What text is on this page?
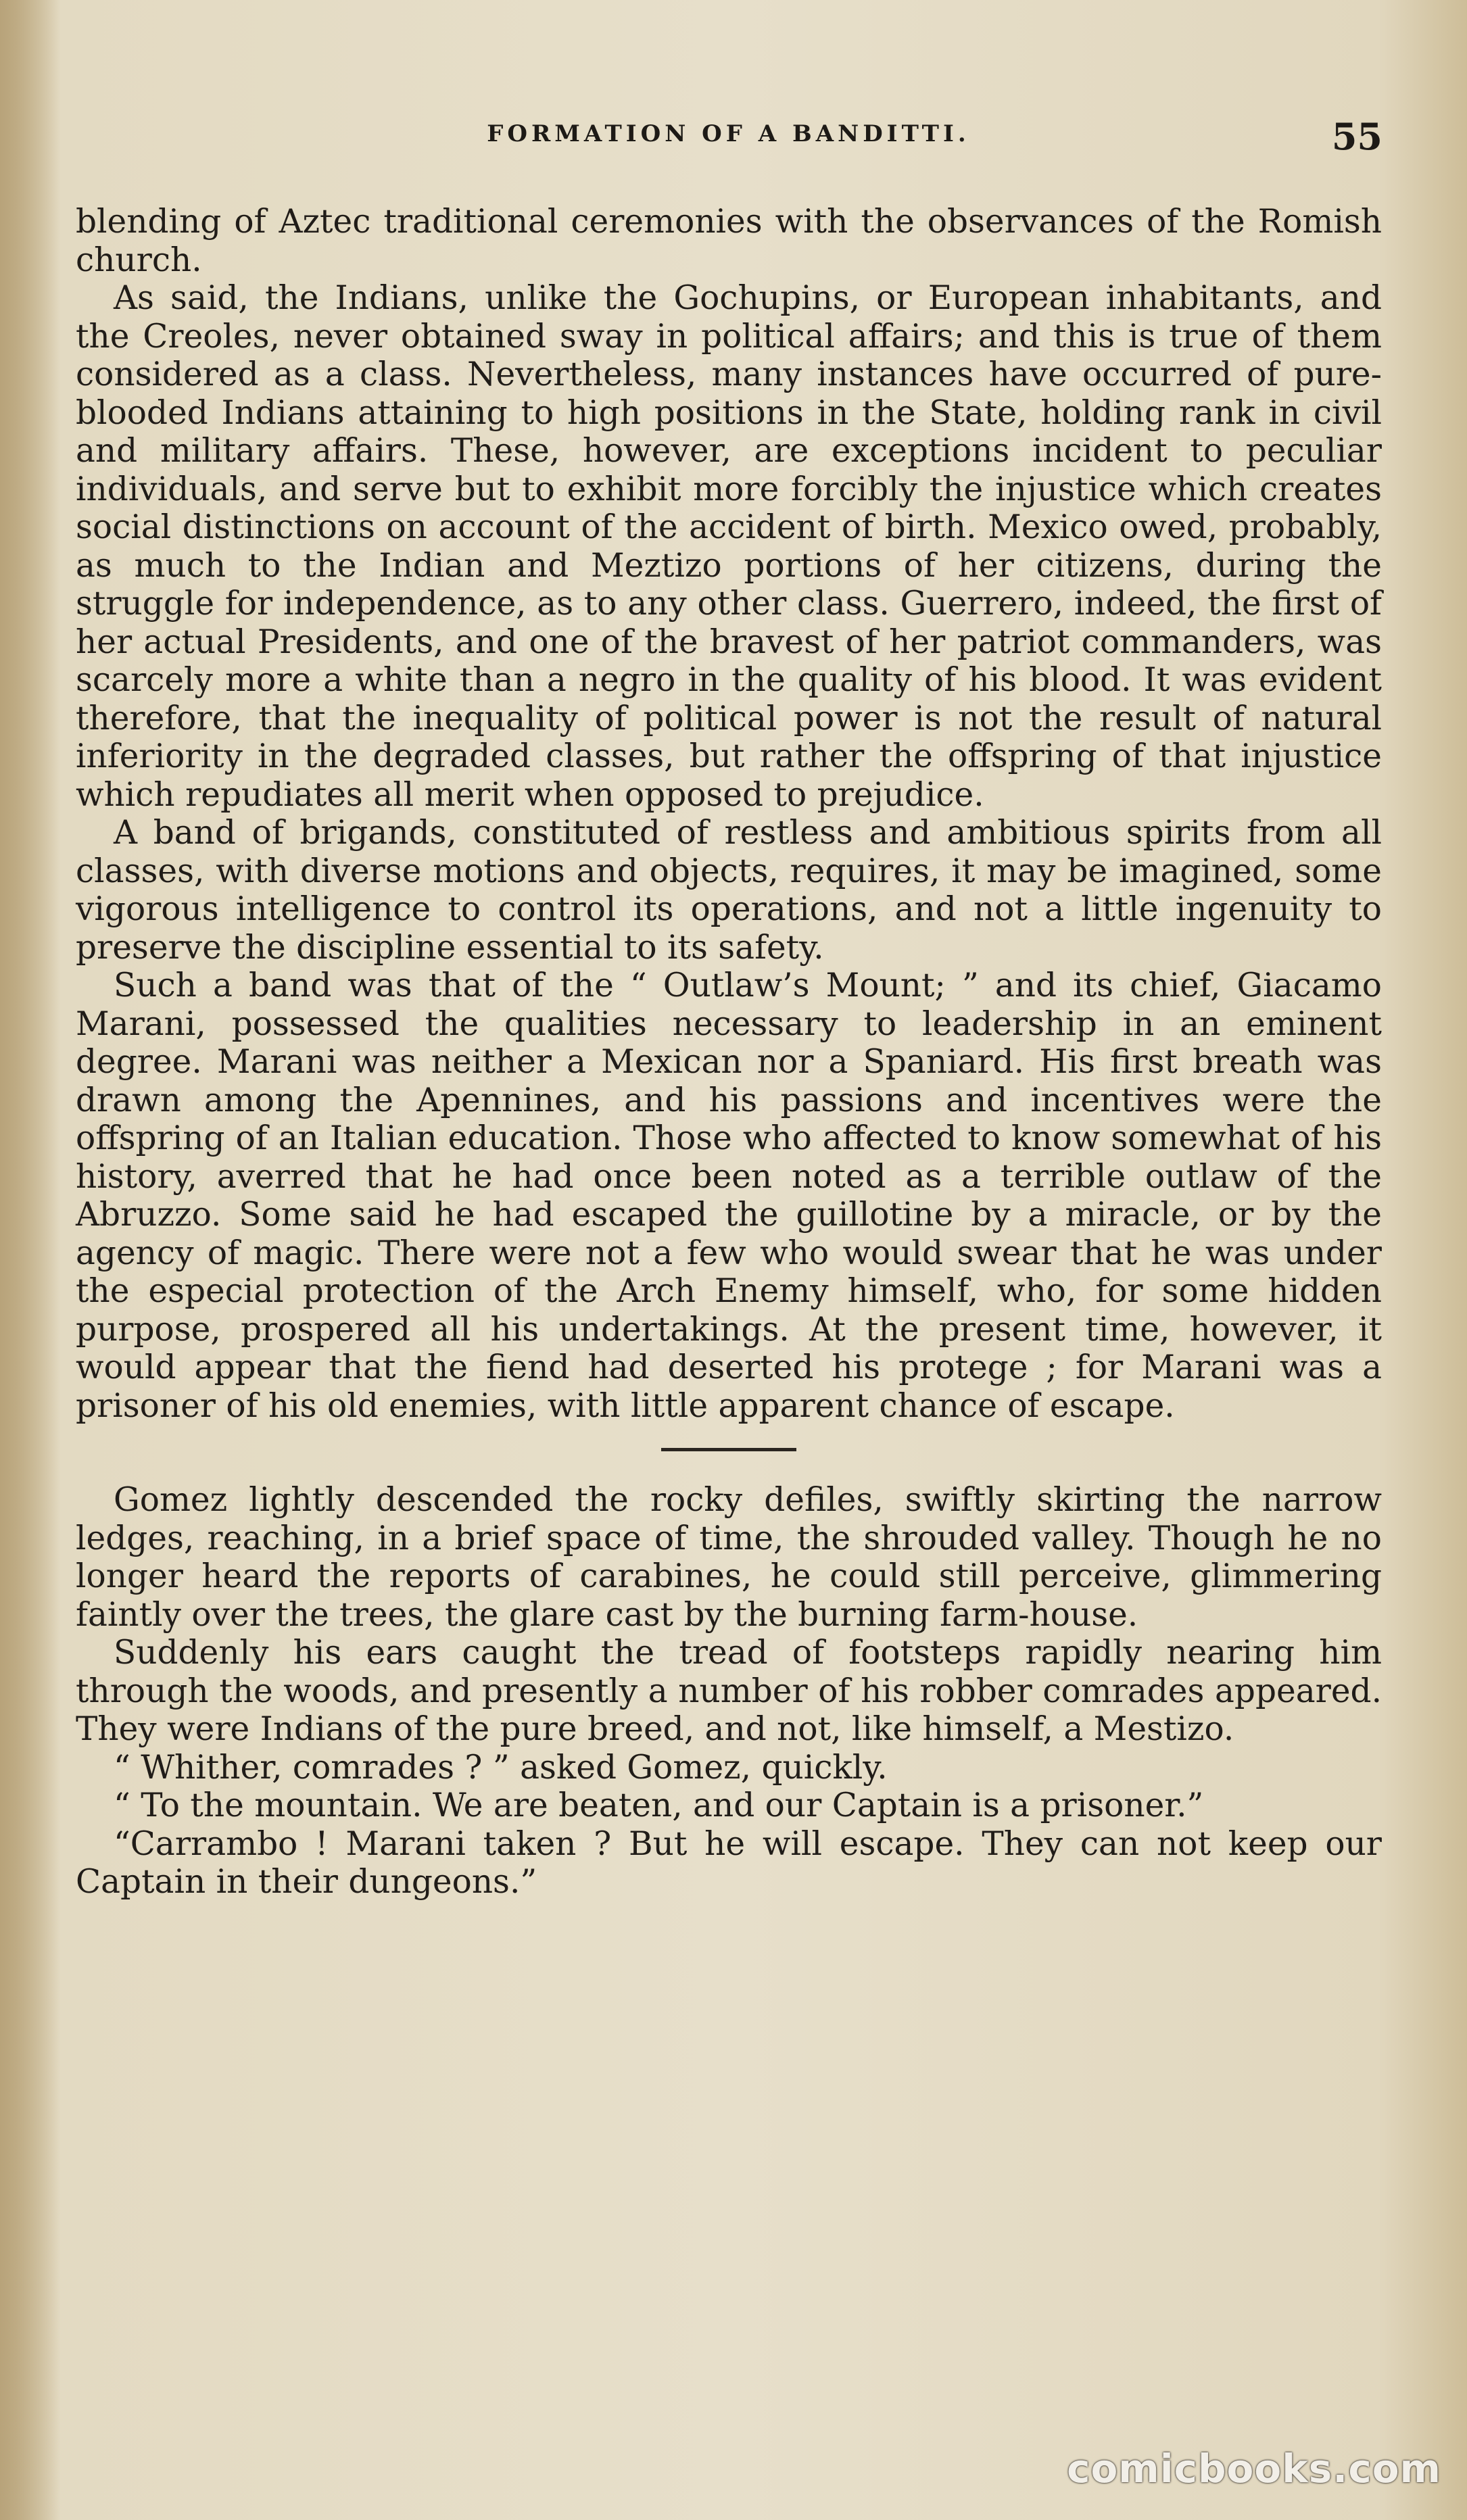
FORMATION OF A BANDITTI.	55

blending of Aztec traditional ceremonies with the observances of the Romish church.

As said, the Indians, unlike the Gochupins, or European inhabitants, and the Creoles, never obtained sway in political affairs; and this is true of them considered as a class. Nevertheless, many instances have occurred of pure-blooded Indians attaining to high positions in the State, holding rank in civil and military affairs. These, however, are exceptions incident to peculiar individuals, and serve but to exhibit more forcibly the injustice which creates social distinctions on account of the accident of birth. Mexico owed, probably, as much to the Indian and Meztizo portions of her citizens, during the struggle for independence, as to any other class. Guerrero, indeed, the first of her actual Presidents, and one of the bravest of her patriot commanders, was scarcely more a white than a negro in the quality of his blood. It was evident therefore, that the inequality of political power is not the result of natural inferiority in the degraded classes, but rather the offspring of that injustice which repudiates all merit when opposed to prejudice.

A band of brigands, constituted of restless and ambitious spirits from all classes, with diverse motions and objects, requires, it may be imagined, some vigorous intelligence to control its operations, and not a little ingenuity to preserve the discipline essential to its safety.

Such a band was that of the “ Outlaw’s Mount; ” and its chief, Giacamo Marani, possessed the qualities necessary to leadership in an eminent degree. Marani was neither a Mexican nor a Spaniard. His first breath was drawn among the Apennines, and his passions and incentives were the offspring of an Italian education. Those who affected to know somewhat of his history, averred that he had once been noted as a terrible outlaw of the Abruzzo. Some said he had escaped the guillotine by a miracle, or by the agency of magic. There were not a few who would swear that he was under the especial protection of the Arch Enemy himself, who, for some hidden purpose, prospered all his undertakings. At the present time, however, it would appear that the fiend had deserted his protege ; for Marani was a prisoner of his old enemies, with little apparent chance of escape.

Gomez lightly descended the rocky defiles, swiftly skirting the narrow ledges, reaching, in a brief space of time, the shrouded valley. Though he no longer heard the reports of carabines, he could still perceive, glimmering faintly over the trees, the glare cast by the burning farm-house.

Suddenly his ears caught the tread of footsteps rapidly nearing him through the woods, and presently a number of his robber comrades appeared. They were Indians of the pure breed, and not, like himself, a Mestizo.

“ Whither, comrades ? ” asked Gomez, quickly.

“ To the mountain. We are beaten, and our Captain is a prisoner.”

“Carrambo ! Marani taken ? But he will escape. They can not keep our Captain in their dungeons.”

comicbooks.com
